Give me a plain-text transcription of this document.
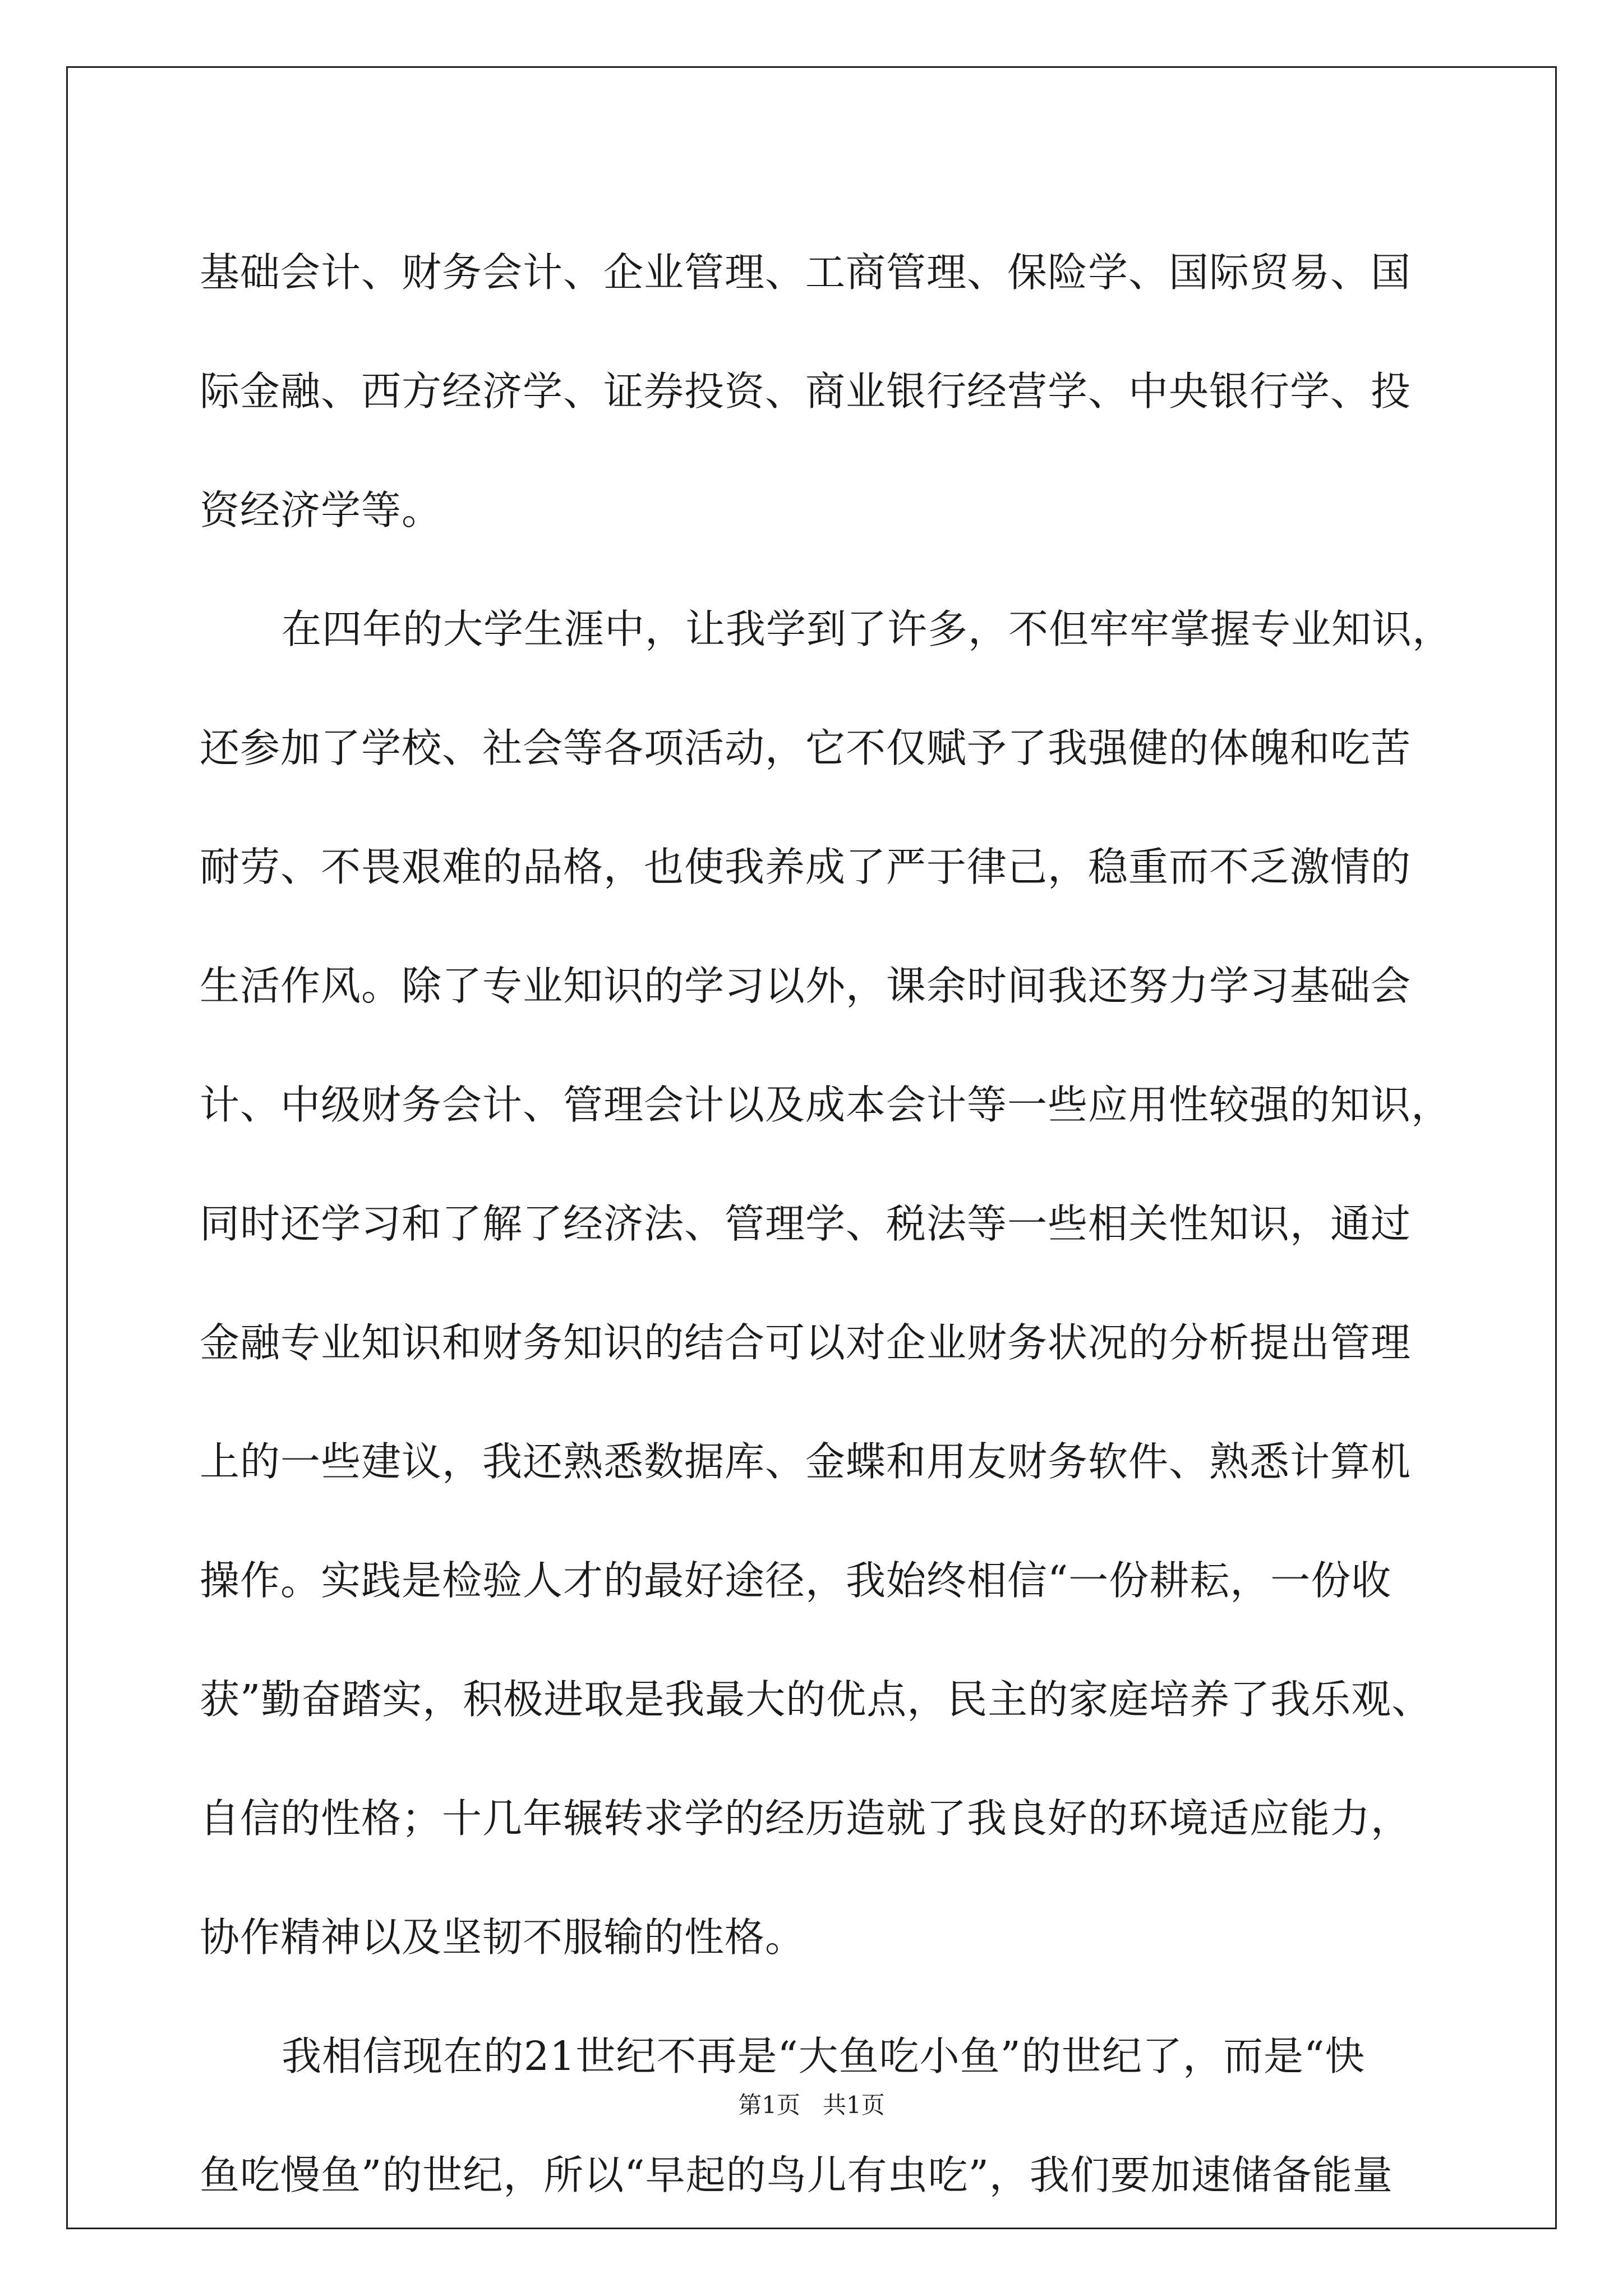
基础会计、财务会计、企业管理、工商管理、保险学、国际贸易、国
际金融、西方经济学、证券投资、商业银行经营学、中央银行学、投
资经济学等。
在四年的大学生涯中，让我学到了许多，不但牢牢掌握专业知识，
还参加了学校、社会等各项活动，它不仅赋予了我强健的体魄和吃苦
耐劳、不畏艰难的品格，也使我养成了严于律己，稳重而不乏激情的
生活作风。除了专业知识的学习以外，课余时间我还努力学习基础会
计、中级财务会计、管理会计以及成本会计等一些应用性较强的知识，
同时还学习和了解了经济法、管理学、税法等一些相关性知识，通过
金融专业知识和财务知识的结合可以对企业财务状况的分析提出管理
上的一些建议，我还熟悉数据库、金蝶和用友财务软件、熟悉计算机
操作。实践是检验人才的最好途径，我始终相信“一份耕耘，一份收
获”勤奋踏实，积极进取是我最大的优点，民主的家庭培养了我乐观、
自信的性格；十几年辗转求学的经历造就了我良好的环境适应能力，
协作精神以及坚韧不服输的性格。
我相信现在的21世纪不再是“大鱼吃小鱼”的世纪了，而是“快
鱼吃慢鱼”的世纪，所以“早起的鸟儿有虫吃”，我们要加速储备能量
第1页 共1页
